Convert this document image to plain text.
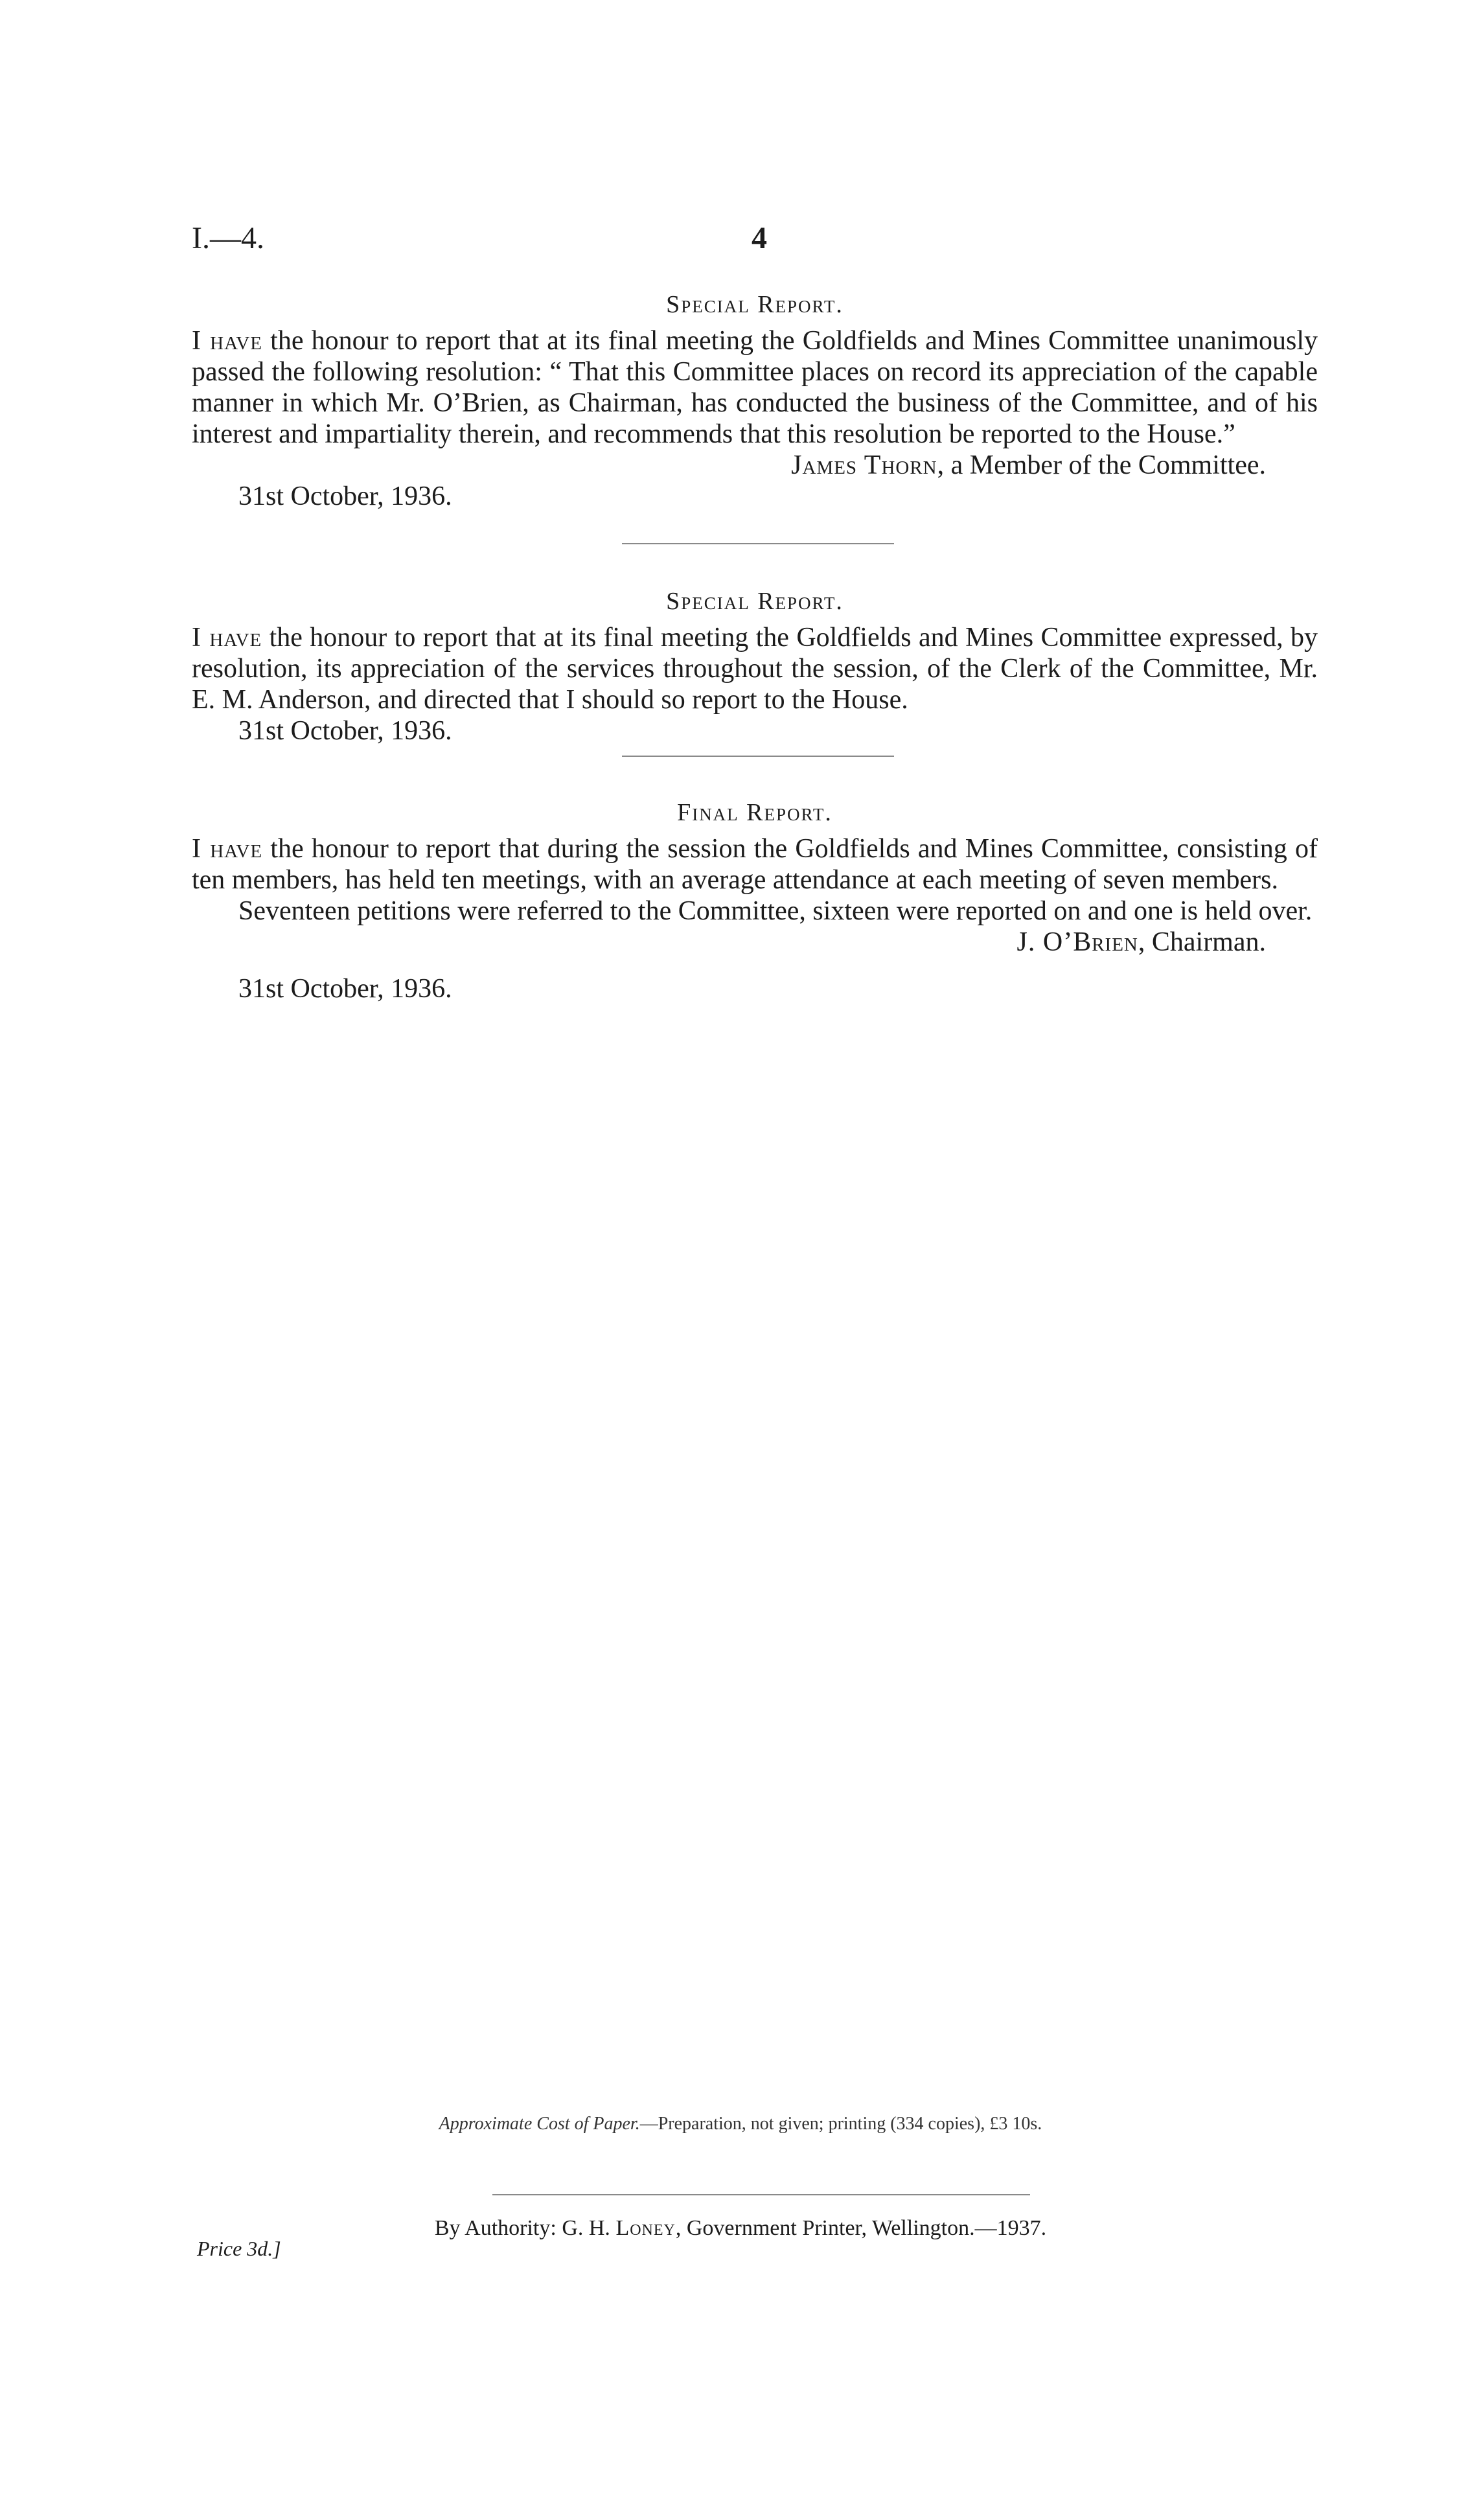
I.—4.	4
Special Report.

I have the honour to report that at its final meeting the Goldfields and Mines Committee unanimously passed the following resolution: “ That this Committee places on record its appreciation of the capable manner in which Mr. O’Brien, as Chairman, has conducted the business of the Committee, and of his interest and impartiality therein, and recommends that this resolution be reported to the House.”

James Thorn, a Member of the Committee.

31st October, 1936.

Special Report.

I have the honour to report that at its final meeting the Goldfields and Mines Committee expressed, by resolution, its appreciation of the services throughout the session, of the Clerk of the Committee, Mr. E. M. Anderson, and directed that I should so report to the House.

31st October, 1936.

Final Report.

I have the honour to report that during the session the Goldfields and Mines Committee, consisting of ten members, has held ten meetings, with an average attendance at each meeting of seven members.

Seventeen petitions were referred to the Committee, sixteen were reported on and one is held over.

J. O’Brien, Chairman.

31st October, 1936.

Approximate Cost of Paper.—Preparation, not given; printing (334 copies), £3 10s.
By Authority: G. H. Loney, Government Printer, Wellington.—1937.
Price 3d.]
